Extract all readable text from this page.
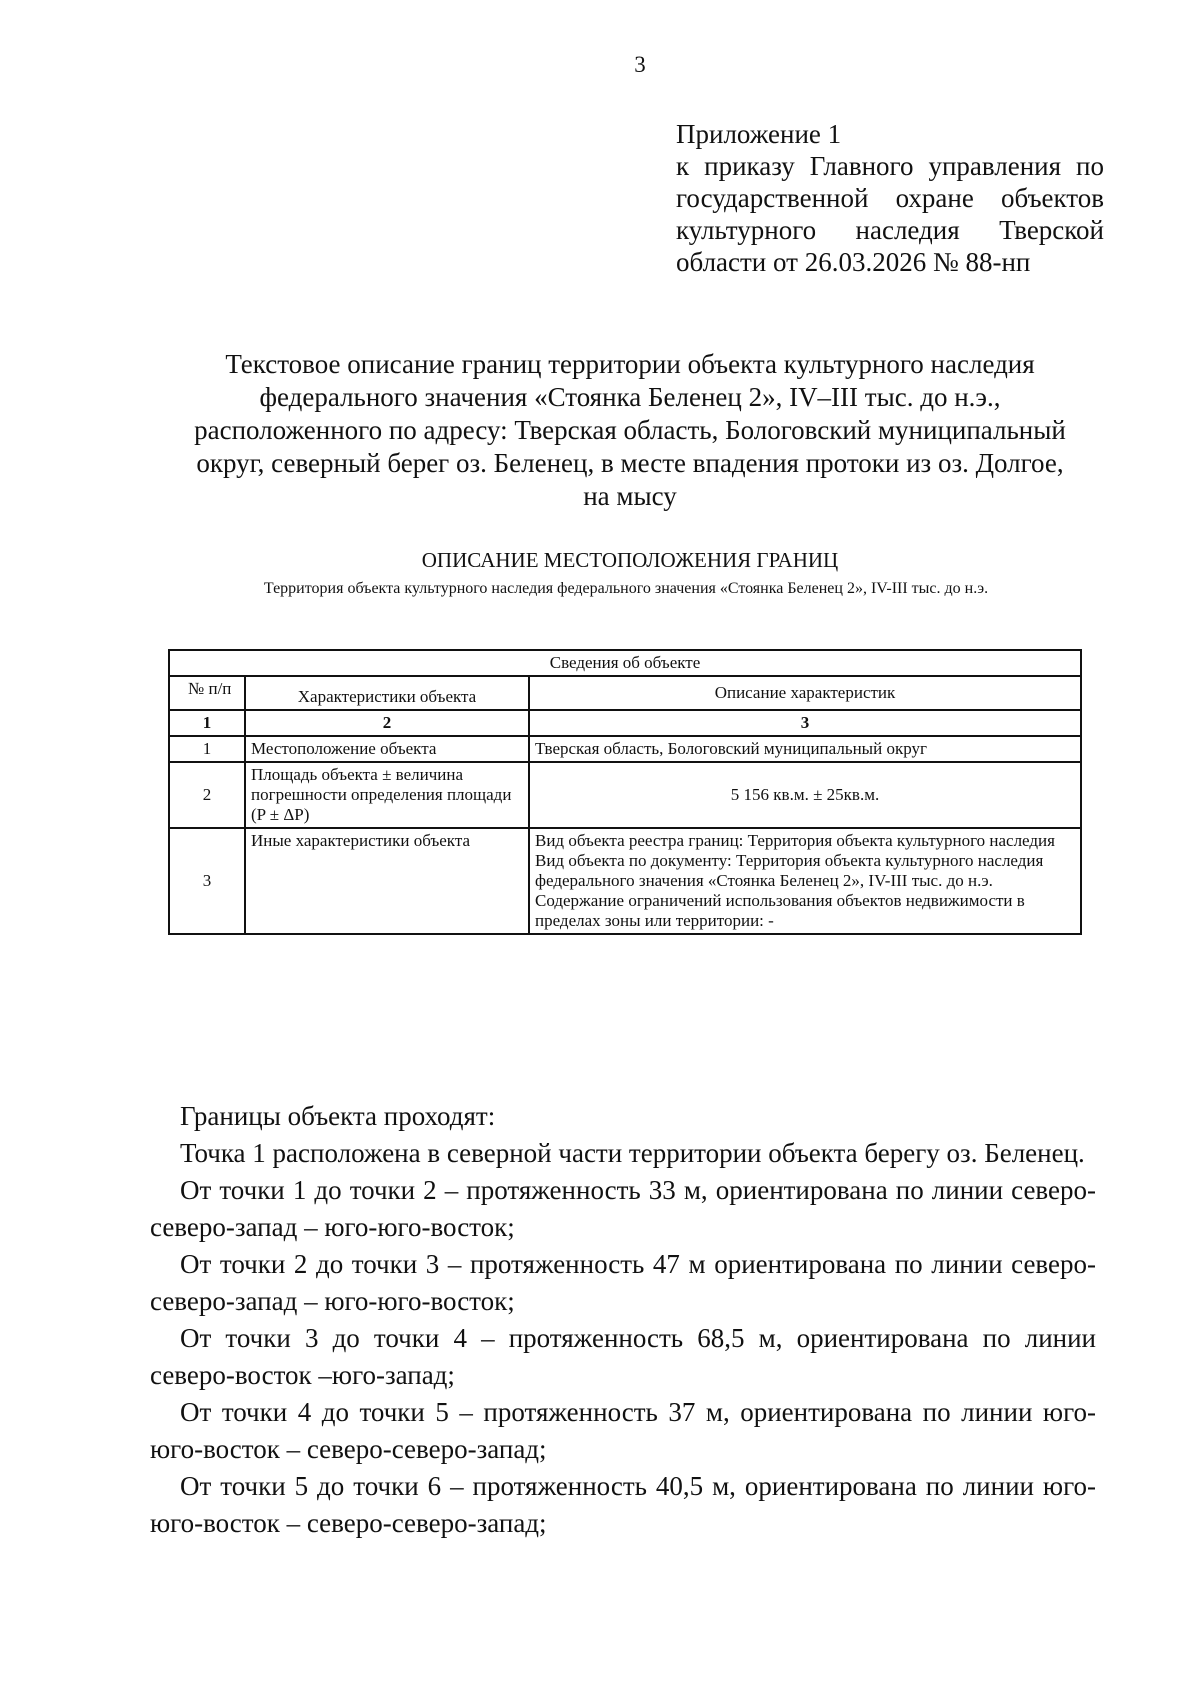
3
Приложение 1
к приказу Главного управления по
государственной охране объектов
культурного наследия Тверской
области от 26.03.2026 № 88-нп
Текстовое описание границ территории объекта культурного наследия
федерального значения «Стоянка Беленец 2», IV–III тыс. до н.э.,
расположенного по адресу: Тверская область, Бологовский муниципальный
округ, северный берег оз. Беленец, в месте впадения протоки из оз. Долгое,
на мысу
ОПИСАНИЕ МЕСТОПОЛОЖЕНИЯ ГРАНИЦ
Территория объекта культурного наследия федерального значения «Стоянка Беленец 2», IV-III тыс. до н.э.
Сведения об объекте		
№ п/п	Характеристики объекта	Описание характеристик
1	2	3
1	Местоположение объекта	Тверская область, Бологовский муниципальный округ
2	Площадь объекта ± величина погрешности определения площади (P ± ΔP)	5 156 кв.м. ± 25кв.м.
3	Иные характеристики объекта	Вид объекта реестра границ: Территория объекта культурного наследия
Вид объекта по документу: Территория объекта культурного наследия федерального значения «Стоянка Беленец 2», IV-III тыс. до н.э.
Содержание ограничений использования объектов недвижимости в пределах зоны или территории: -

Границы объекта проходят:

Точка 1 расположена в северной части территории объекта берегу оз. Беленец.

От точки 1 до точки 2 – протяженность 33 м, ориентирована по линии северо-северо-запад – юго-юго-восток;

От точки 2 до точки 3 – протяженность 47 м ориентирована по линии северо-северо-запад – юго-юго-восток;

От точки 3 до точки 4 – протяженность 68,5 м, ориентирована по линии северо-восток –юго-запад;

От точки 4 до точки 5 – протяженность 37 м, ориентирована по линии юго-юго-восток – северо-северо-запад;

От точки 5 до точки 6 – протяженность 40,5 м, ориентирована по линии юго-юго-восток – северо-северо-запад;
